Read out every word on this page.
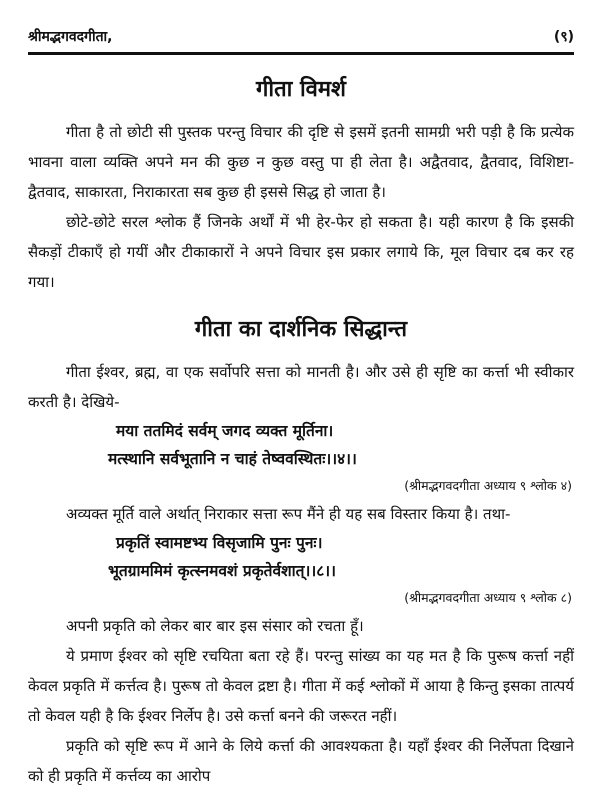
श्रीमद्भगवदगीता,	(९)
गीता विमर्श

गीता है तो छोटी सी पुस्तक परन्तु विचार की दृष्टि से इसमें इतनी सामग्री भरी पड़ी है कि प्रत्येक भावना वाला व्यक्ति अपने मन की कुछ न कुछ वस्तु पा ही लेता है। अद्वैतवाद, द्वैतवाद, विशिष्टा-द्वैतवाद, साकारता, निराकारता सब कुछ ही इससे सिद्ध हो जाता है।

छोटे-छोटे सरल श्लोक हैं जिनके अर्थों में भी हेर-फेर हो सकता है। यही कारण है कि इसकी सैकड़ों टीकाएँ हो गयीं और टीकाकारों ने अपने विचार इस प्रकार लगाये कि, मूल विचार दब कर रह गया।

गीता का दार्शनिक सिद्धान्त

गीता ईश्वर, ब्रह्म, वा एक सर्वोपरि सत्ता को मानती है। और उसे ही सृष्टि का कर्त्ता भी स्वीकार करती है। देखिये-

मया ततमिदं सर्वम् जगद व्यक्त मूर्तिना।
मत्स्थानि सर्वभूतानि न चाहं तेष्ववस्थितः।।४।।
(श्रीमद्भगवदगीता अध्याय ९ श्लोक ४)

अव्यक्त मूर्ति वाले अर्थात् निराकार सत्ता रूप मैंने ही यह सब विस्तार किया है। तथा-

प्रकृतिं स्वामष्टभ्य विसृजामि पुनः पुनः।
भूतग्राममिमं कृत्स्नमवशं प्रकृतेर्वशात्।।८।।
(श्रीमद्भगवदगीता अध्याय ९ श्लोक ८)

अपनी प्रकृति को लेकर बार बार इस संसार को रचता हूँ।

ये प्रमाण ईश्वर को सृष्टि रचयिता बता रहे हैं। परन्तु सांख्य का यह मत है कि पुरूष कर्त्ता नहीं केवल प्रकृति में कर्त्तत्व है। पुरूष तो केवल द्रष्टा है। गीता में कई श्लोकों में आया है किन्तु इसका तात्पर्य तो केवल यही है कि ईश्वर निर्लेप है। उसे कर्त्ता बनने की जरूरत नहीं।

प्रकृति को सृष्टि रूप में आने के लिये कर्त्ता की आवश्यकता है। यहाँ ईश्वर की निर्लेपता दिखाने को ही प्रकृति में कर्त्तव्य का आरोप
